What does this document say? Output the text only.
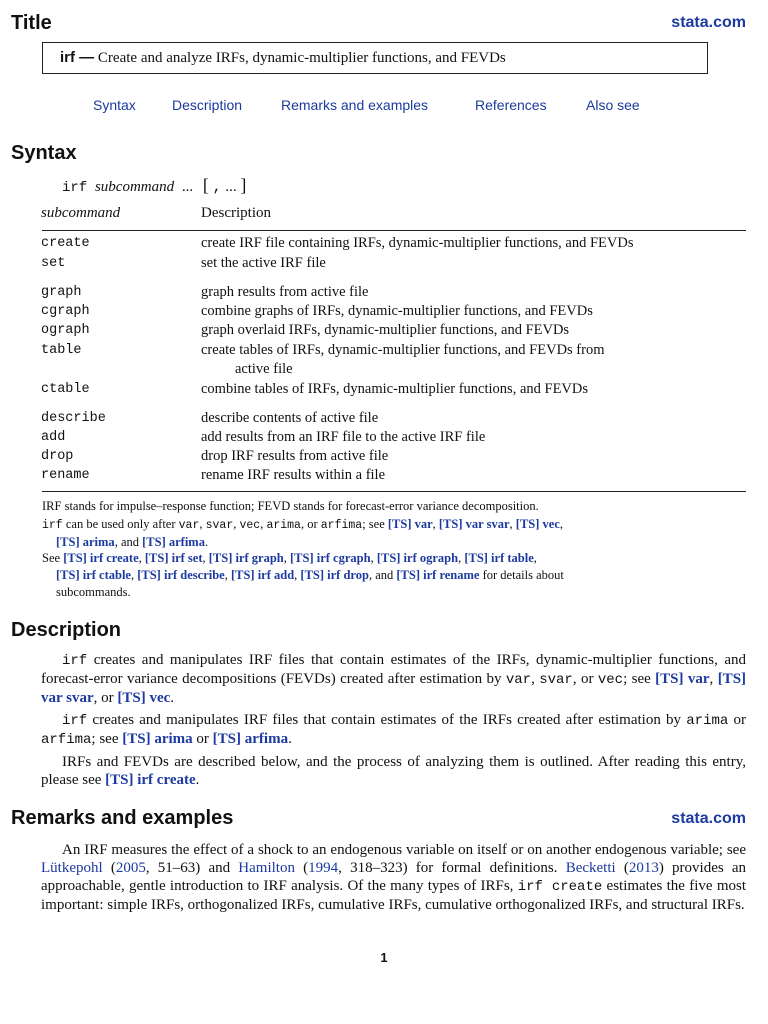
Title	stata.com
irf — Create and analyze IRFs, dynamic-multiplier functions, and FEVDs
Syntax	Description	Remarks and examples	References	Also see
Syntax
irf subcommand ... [ , ... ]
subcommand	Description
create	create IRF file containing IRFs, dynamic-multiplier functions, and FEVDs
set	set the active IRF file
graph	graph results from active file
cgraph	combine graphs of IRFs, dynamic-multiplier functions, and FEVDs
ograph	graph overlaid IRFs, dynamic-multiplier functions, and FEVDs
table	create tables of IRFs, dynamic-multiplier functions, and FEVDs from
active file
ctable	combine tables of IRFs, dynamic-multiplier functions, and FEVDs
describe	describe contents of active file
add	add results from an IRF file to the active IRF file
drop	drop IRF results from active file
rename	rename IRF results within a file
IRF stands for impulse–response function; FEVD stands for forecast-error variance decomposition.
irf can be used only after var, svar, vec, arima, or arfima; see [TS] var, [TS] var svar, [TS] vec,
[TS] arima, and [TS] arfima.
See [TS] irf create, [TS] irf set, [TS] irf graph, [TS] irf cgraph, [TS] irf ograph, [TS] irf table,
[TS] irf ctable, [TS] irf describe, [TS] irf add, [TS] irf drop, and [TS] irf rename for details about
subcommands.
Description
irf creates and manipulates IRF files that contain estimates of the IRFs, dynamic-multiplier functions, and forecast-error variance decompositions (FEVDs) created after estimation by var, svar, or vec; see [TS] var, [TS] var svar, or [TS] vec.
irf creates and manipulates IRF files that contain estimates of the IRFs created after estimation by arima or arfima; see [TS] arima or [TS] arfima.
IRFs and FEVDs are described below, and the process of analyzing them is outlined. After reading this entry, please see [TS] irf create.
Remarks and examples	stata.com
An IRF measures the effect of a shock to an endogenous variable on itself or on another endogenous variable; see Lütkepohl (2005, 51–63) and Hamilton (1994, 318–323) for formal definitions. Becketti (2013) provides an approachable, gentle introduction to IRF analysis. Of the many types of IRFs, irf create estimates the five most important: simple IRFs, orthogonalized IRFs, cumulative IRFs, cumulative orthogonalized IRFs, and structural IRFs.
1
